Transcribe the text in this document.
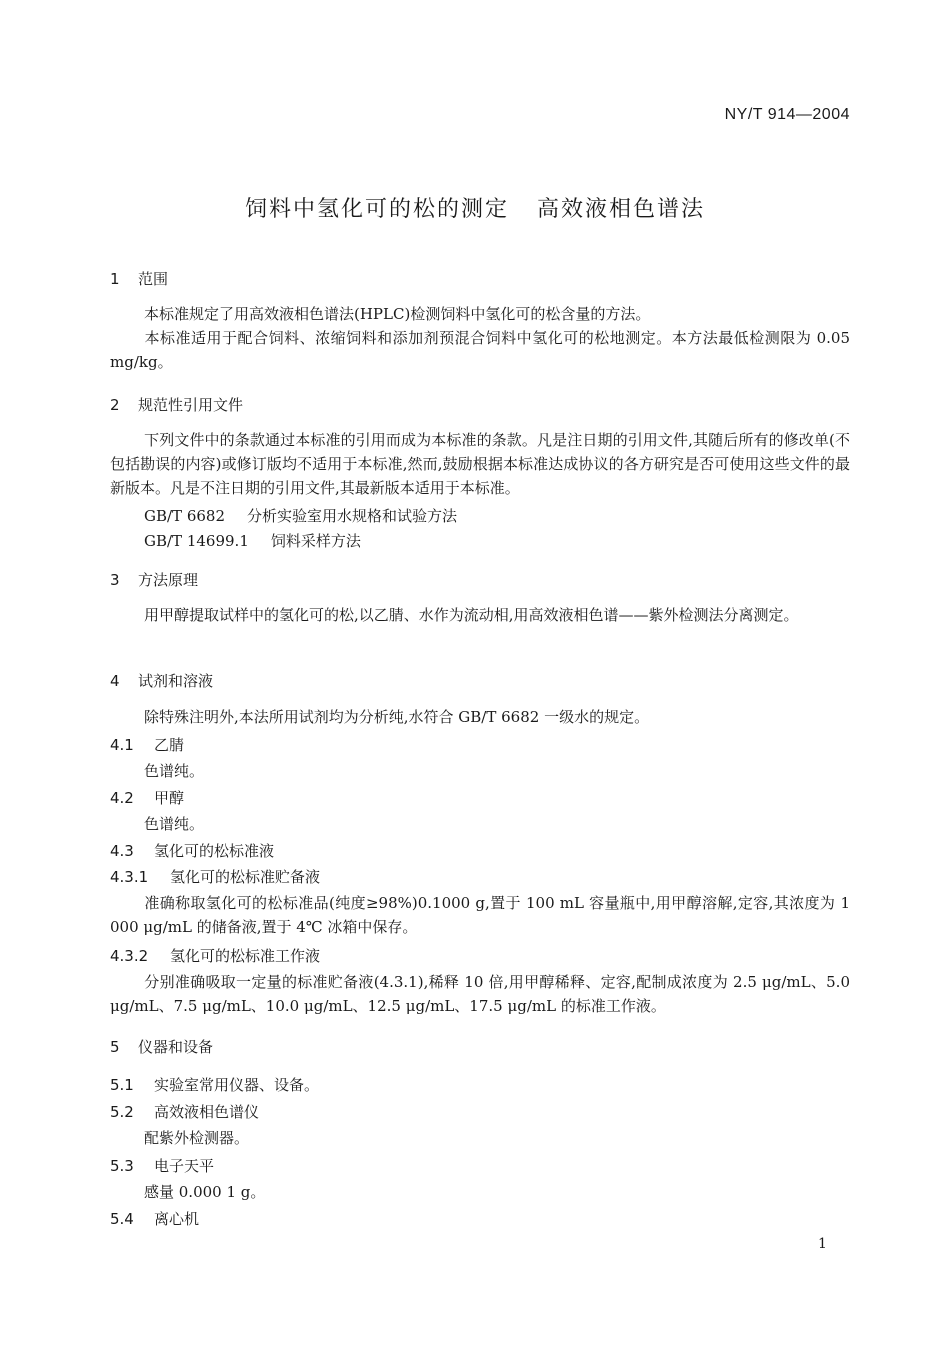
NY/T 914—2004
饲料中氢化可的松的测定 高效液相色谱法
1 范围
本标准规定了用高效液相色谱法(HPLC)检测饲料中氢化可的松含量的方法。
本标准适用于配合饲料、浓缩饲料和添加剂预混合饲料中氢化可的松地测定。本方法最低检测限为 0.05 mg/kg。
2 规范性引用文件
下列文件中的条款通过本标准的引用而成为本标准的条款。凡是注日期的引用文件,其随后所有的修改单(不包括勘误的内容)或修订版均不适用于本标准,然而,鼓励根据本标准达成协议的各方研究是否可使用这些文件的最新版本。凡是不注日期的引用文件,其最新版本适用于本标准。
GB/T 6682 分析实验室用水规格和试验方法
GB/T 14699.1 饲料采样方法
3 方法原理
用甲醇提取试样中的氢化可的松,以乙腈、水作为流动相,用高效液相色谱——紫外检测法分离测定。
4 试剂和溶液
除特殊注明外,本法所用试剂均为分析纯,水符合 GB/T 6682 一级水的规定。
4.1 乙腈
色谱纯。
4.2 甲醇
色谱纯。
4.3 氢化可的松标准液
4.3.1 氢化可的松标准贮备液
准确称取氢化可的松标准品(纯度≥98%)0.1000 g,置于 100 mL 容量瓶中,用甲醇溶解,定容,其浓度为 1 000 μg/mL 的储备液,置于 4℃ 冰箱中保存。
4.3.2 氢化可的松标准工作液
分别准确吸取一定量的标准贮备液(4.3.1),稀释 10 倍,用甲醇稀释、定容,配制成浓度为 2.5 μg/mL、5.0 μg/mL、7.5 μg/mL、10.0 μg/mL、12.5 μg/mL、17.5 μg/mL 的标准工作液。
5 仪器和设备
5.1 实验室常用仪器、设备。
5.2 高效液相色谱仪
配紫外检测器。
5.3 电子天平
感量 0.000 1 g。
5.4 离心机
1
